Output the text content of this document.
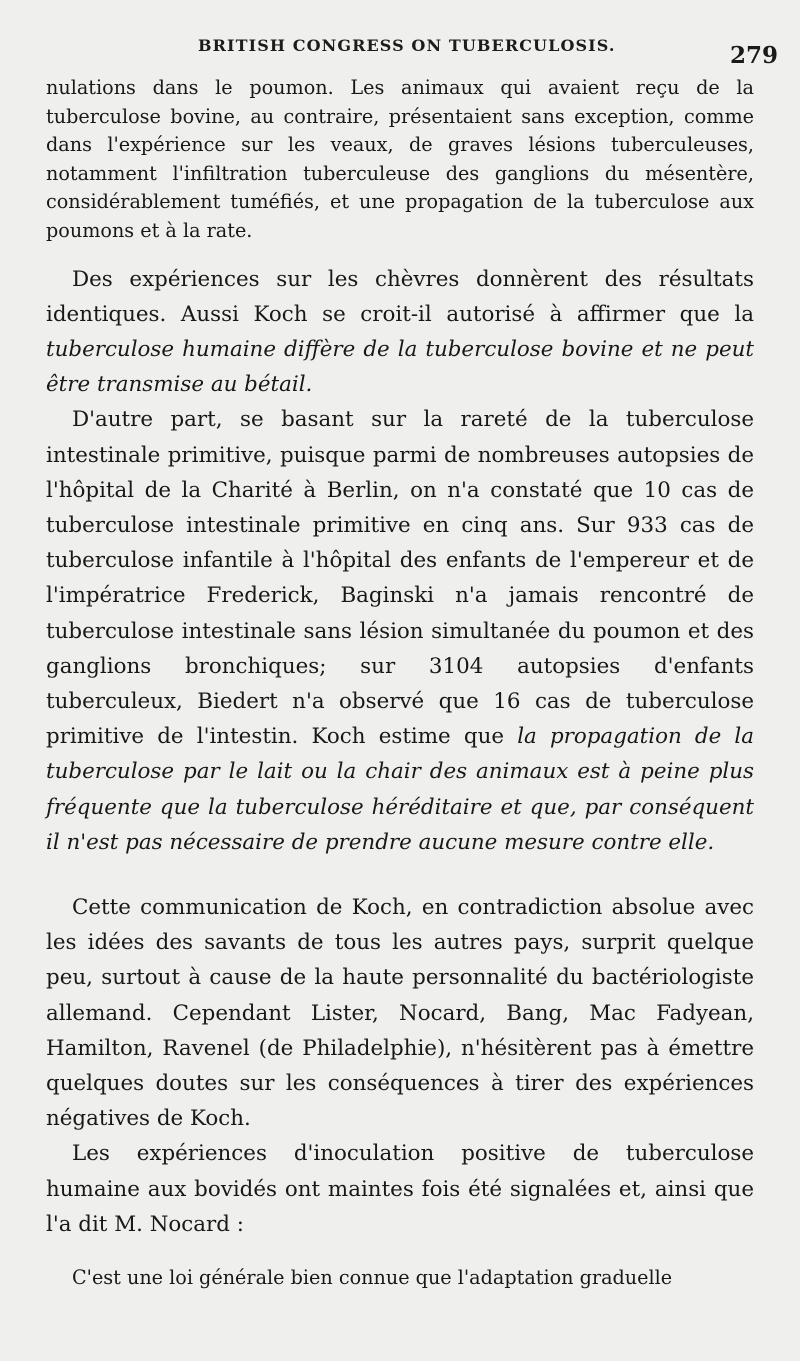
BRITISH CONGRESS ON TUBERCULOSIS.	279

nulations dans le poumon. Les animaux qui avaient reçu de la tuberculose bovine, au contraire, présentaient sans exception, comme dans l'expérience sur les veaux, de graves lésions tuberculeuses, notamment l'infiltration tuberculeuse des ganglions du mésentère, considérablement tuméfiés, et une propagation de la tuberculose aux poumons et à la rate.

Des expériences sur les chèvres donnèrent des résultats identiques. Aussi Koch se croit-il autorisé à affirmer que la tuberculose humaine diffère de la tuberculose bovine et ne peut être transmise au bétail.

D'autre part, se basant sur la rareté de la tuberculose intestinale primitive, puisque parmi de nombreuses autopsies de l'hôpital de la Charité à Berlin, on n'a constaté que 10 cas de tuberculose intestinale primitive en cinq ans. Sur 933 cas de tuberculose infantile à l'hôpital des enfants de l'empereur et de l'impératrice Frederick, Baginski n'a jamais rencontré de tuberculose intestinale sans lésion simultanée du poumon et des ganglions bronchiques; sur 3104 autopsies d'enfants tuberculeux, Biedert n'a observé que 16 cas de tuberculose primitive de l'intestin. Koch estime que la propagation de la tuberculose par le lait ou la chair des animaux est à peine plus fréquente que la tuberculose héréditaire et que, par conséquent il n'est pas nécessaire de prendre aucune mesure contre elle.

Cette communication de Koch, en contradiction absolue avec les idées des savants de tous les autres pays, surprit quelque peu, surtout à cause de la haute personnalité du bactériologiste allemand. Cependant Lister, Nocard, Bang, Mac Fadyean, Hamilton, Ravenel (de Philadelphie), n'hésitèrent pas à émettre quelques doutes sur les conséquences à tirer des expériences négatives de Koch.

Les expériences d'inoculation positive de tuberculose humaine aux bovidés ont maintes fois été signalées et, ainsi que l'a dit M. Nocard :

C'est une loi générale bien connue que l'adaptation graduelle
